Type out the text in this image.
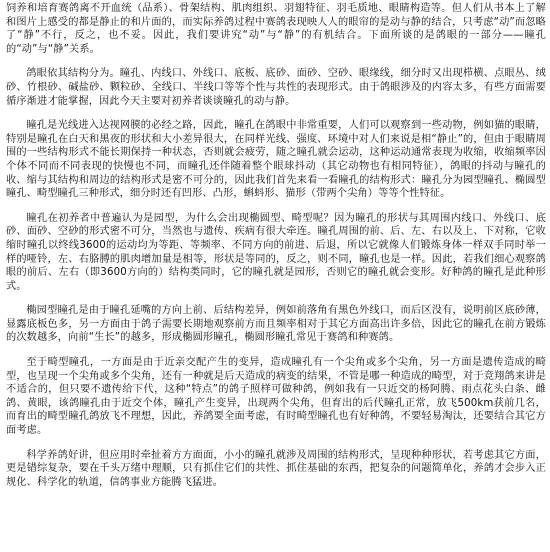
饲养和培育赛鸽离不开血统（品系）、骨架结构、肌肉组织、羽翅特征、羽毛质地、眼睛构造等。但人们从书本上了解和图片上感受的都是静止的和片面的，而实际养鸽过程中赛鸽表现映人人的眼帘的是动与静的结合，只考虑“动”而忽略了“静”不行，反之，也不妥。因此，我们要讲究“动”与“静”的有机结合。下面所谈的是鸽眼的一部分——瞳孔的“动”与“静”关系。

鸽眼依其结构分为。瞳孔、内线口、外线口、底板、底砂、面砂、空砂、眼缘线，细分时又出现栉横、点眼丛、绒砂、竹根砂、碱盐砂、颗粒砂、全线口、半线口等等个性与共性的表现形式。由于鸽眼涉及的内容太多，有些方面需要循序渐进才能掌握，因此今天主要对初养者谈谈瞳孔的动与静。

瞳孔是光线进入达视网膜的必经之路，因此，瞳孔在鸽眼中非常重要，人们可以观察到一些动物，例如猫的眼睛，特别是瞳孔在白天和黑夜的形状和大小差异很大，在同样光线、强度、环境中对人们来说是相“静止”的，但由于眼睛周围的一些结构形式不能长期保持一种状态，否则就会疲劳，随之瞳孔就会运动，这种运动通常表现为收缩，收缩频率因个体不同而不同表现的快慢也不同，而瞳孔还伴随着整个眼球抖动（其它动物也有相同特征），鸽眼的抖动与瞳孔的收、缩与其结构和周边的结构形式是密不可分的，因此我们首先来看一看瞳孔的结构形式：瞳孔分为园型瞳孔、椭圆型瞳孔、畸型瞳孔三种形式，细分时还有凹形、凸形，蝌蚪形、猫形（带两个尖角）等等个性特征。

瞳孔在初养者中普遍认为是园型，为什么会出现椭圆型、畸型呢？因为瞳孔的形状与其周围内线口、外线口、底砂、面砂、空砂的形式密不可分，当然也与遗传、疾病有很大牵连。瞳孔周围的前、后、左、右以及上、下对称，它收缩时瞳孔以终线3600的运动均为等距、等频率、不同方向的前进、后退，所以它就像人们锻炼身体一样双手同时举一样的哑铃，左、右胳膊的肌肉增加量是相等，形状是等同的，反之，则不同，瞳孔也是一样。因此，若我们细心观察鸽眼的前后、左右（即3600方向的）结构类同时，它的瞳孔就是园形，否则它的瞳孔就会变形。好种鸽的瞳孔是此种形式。

椭园型瞳孔是由于瞳孔延嘴的方向上前、后结构差异，例如前落角有黑色外线口，而后区没有，说明前区底砂薄，显露底板色多，另一方面由于鸽子需要长期地观察前方而且频率相对于其它方面高出许多倍，因此它的瞳孔在前方锻炼的次数越多，向前“生长”的越多，形成椭圆形瞳孔，椭圆形瞳孔常见于赛鸽和种赛鸽。

至于畸型瞳孔，一方面是由于近亲交配产生的变异，造成瞳孔有一个尖角或多个尖角，另一方面是遗传造成的畸型，也呈现一个尖角或多个尖角，还有一种就是后天造成的病变的结果，不管是哪一种造成的畸型，对于竞翔鸽来讲是不适合的，但只要不遗传给下代，这种“特点”的鸽子照样可做种鸽，例如我有一只近交的杨阿腾、雨点花头白条、雌鸽、黄眼，该鸽瞳孔由于近交个体，瞳孔产生变异，出现两个尖角，但育出的后代瞳孔正常，放飞500km获前几名，而育出的畸型瞳孔鸽放飞不理想，因此，养鸽要全面考虑，有时畸型瞳孔也有好种鸽，不要轻易淘汰，还要结合其它方面考虑。

科学养鸽好讲，但应用时牵扯着方方面面，小小的瞳孔就涉及周围的结构形式，呈现种种形状，若考虑其它方面，更是错综复杂，要在千头万绪中理顺，只有抓住它们的共性、抓住基础的东西，把复杂的问题简单化，养鸽才会步入正规化、科学化的轨道，信鸽事业方能腾飞猛进。
